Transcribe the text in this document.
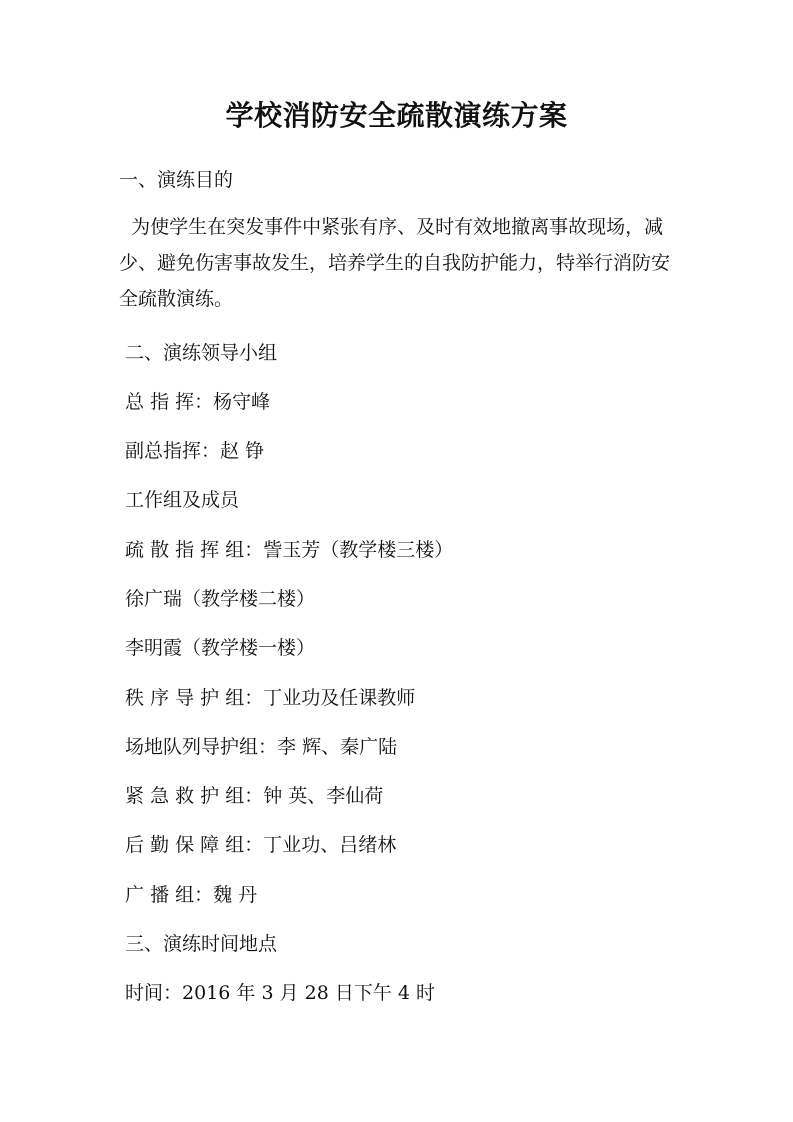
学校消防安全疏散演练方案

一、演练目的

为使学生在突发事件中紧张有序、及时有效地撤离事故现场，减
少、避免伤害事故发生，培养学生的自我防护能力，特举行消防安
全疏散演练。

二、演练领导小组

总 指 挥：杨守峰

副总指挥：赵 铮

工作组及成员

疏 散 指 挥 组：訾玉芳（教学楼三楼）

徐广瑞（教学楼二楼）

李明霞（教学楼一楼）

秩 序 导 护 组：丁业功及任课教师

场地队列导护组：李 辉、秦广陆

紧 急 救 护 组：钟 英、李仙荷

后 勤 保 障 组：丁业功、吕绪林

广 播 组：魏 丹

三、演练时间地点

时间：2016 年 3 月 28 日下午 4 时
